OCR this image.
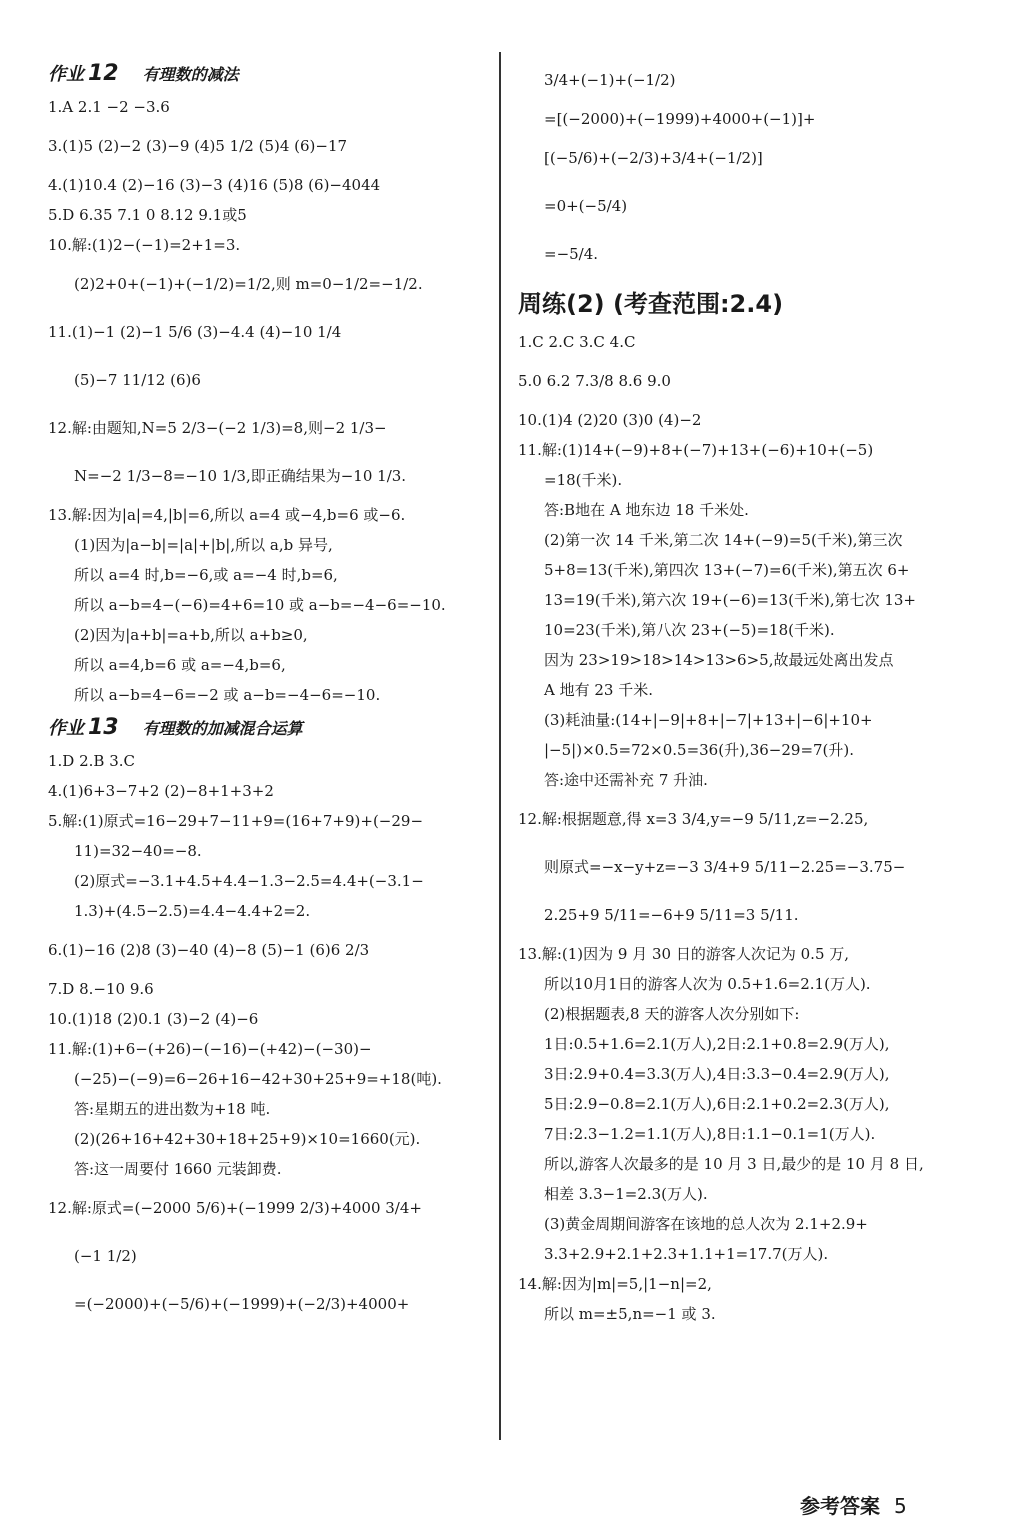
作业 12 有理数的减法
1.A 2.1 −2 −3.6
3.(1)5 (2)−2 (3)−9 (4)5 1/2 (5)4 (6)−17
4.(1)10.4 (2)−16 (3)−3 (4)16 (5)8 (6)−4044
5.D 6.35 7.1 0 8.12 9.1或5
10.解:(1)2−(−1)=2+1=3.
(2)2+0+(−1)+(−1/2)=1/2,则 m=0−1/2=−1/2.
11.(1)−1 (2)−1 5/6 (3)−4.4 (4)−10 1/4
(5)−7 11/12 (6)6
12.解:由题知,N=5 2/3−(−2 1/3)=8,则−2 1/3−
N=−2 1/3−8=−10 1/3,即正确结果为−10 1/3.
13.解:因为|a|=4,|b|=6,所以 a=4 或−4,b=6 或−6.
(1)因为|a−b|=|a|+|b|,所以 a,b 异号,
所以 a=4 时,b=−6,或 a=−4 时,b=6,
所以 a−b=4−(−6)=4+6=10 或 a−b=−4−6=−10.
(2)因为|a+b|=a+b,所以 a+b≥0,
所以 a=4,b=6 或 a=−4,b=6,
所以 a−b=4−6=−2 或 a−b=−4−6=−10.
作业 13 有理数的加减混合运算
1.D 2.B 3.C
4.(1)6+3−7+2 (2)−8+1+3+2
5.解:(1)原式=16−29+7−11+9=(16+7+9)+(−29−
11)=32−40=−8.
(2)原式=−3.1+4.5+4.4−1.3−2.5=4.4+(−3.1−
1.3)+(4.5−2.5)=4.4−4.4+2=2.
6.(1)−16 (2)8 (3)−40 (4)−8 (5)−1 (6)6 2/3
7.D 8.−10 9.6
10.(1)18 (2)0.1 (3)−2 (4)−6
11.解:(1)+6−(+26)−(−16)−(+42)−(−30)−
(−25)−(−9)=6−26+16−42+30+25+9=+18(吨).
答:星期五的进出数为+18 吨.
(2)(26+16+42+30+18+25+9)×10=1660(元).
答:这一周要付 1660 元装卸费.
12.解:原式=(−2000 5/6)+(−1999 2/3)+4000 3/4+
(−1 1/2)
=(−2000)+(−5/6)+(−1999)+(−2/3)+4000+
3/4+(−1)+(−1/2)
=[(−2000)+(−1999)+4000+(−1)]+
[(−5/6)+(−2/3)+3/4+(−1/2)]
=0+(−5/4)
=−5/4.
周练(2) (考查范围:2.4)
1.C 2.C 3.C 4.C
5.0 6.2 7.3/8 8.6 9.0
10.(1)4 (2)20 (3)0 (4)−2
11.解:(1)14+(−9)+8+(−7)+13+(−6)+10+(−5)
=18(千米).
答:B地在 A 地东边 18 千米处.
(2)第一次 14 千米,第二次 14+(−9)=5(千米),第三次
5+8=13(千米),第四次 13+(−7)=6(千米),第五次 6+
13=19(千米),第六次 19+(−6)=13(千米),第七次 13+
10=23(千米),第八次 23+(−5)=18(千米).
因为 23>19>18>14>13>6>5,故最远处离出发点
A 地有 23 千米.
(3)耗油量:(14+|−9|+8+|−7|+13+|−6|+10+
|−5|)×0.5=72×0.5=36(升),36−29=7(升).
答:途中还需补充 7 升油.
12.解:根据题意,得 x=3 3/4,y=−9 5/11,z=−2.25,
则原式=−x−y+z=−3 3/4+9 5/11−2.25=−3.75−
2.25+9 5/11=−6+9 5/11=3 5/11.
13.解:(1)因为 9 月 30 日的游客人次记为 0.5 万,
所以10月1日的游客人次为 0.5+1.6=2.1(万人).
(2)根据题表,8 天的游客人次分别如下:
1日:0.5+1.6=2.1(万人),2日:2.1+0.8=2.9(万人),
3日:2.9+0.4=3.3(万人),4日:3.3−0.4=2.9(万人),
5日:2.9−0.8=2.1(万人),6日:2.1+0.2=2.3(万人),
7日:2.3−1.2=1.1(万人),8日:1.1−0.1=1(万人).
所以,游客人次最多的是 10 月 3 日,最少的是 10 月 8 日,
相差 3.3−1=2.3(万人).
(3)黄金周期间游客在该地的总人次为 2.1+2.9+
3.3+2.9+2.1+2.3+1.1+1=17.7(万人).
14.解:因为|m|=5,|1−n|=2,
所以 m=±5,n=−1 或 3.
参考答案 5
